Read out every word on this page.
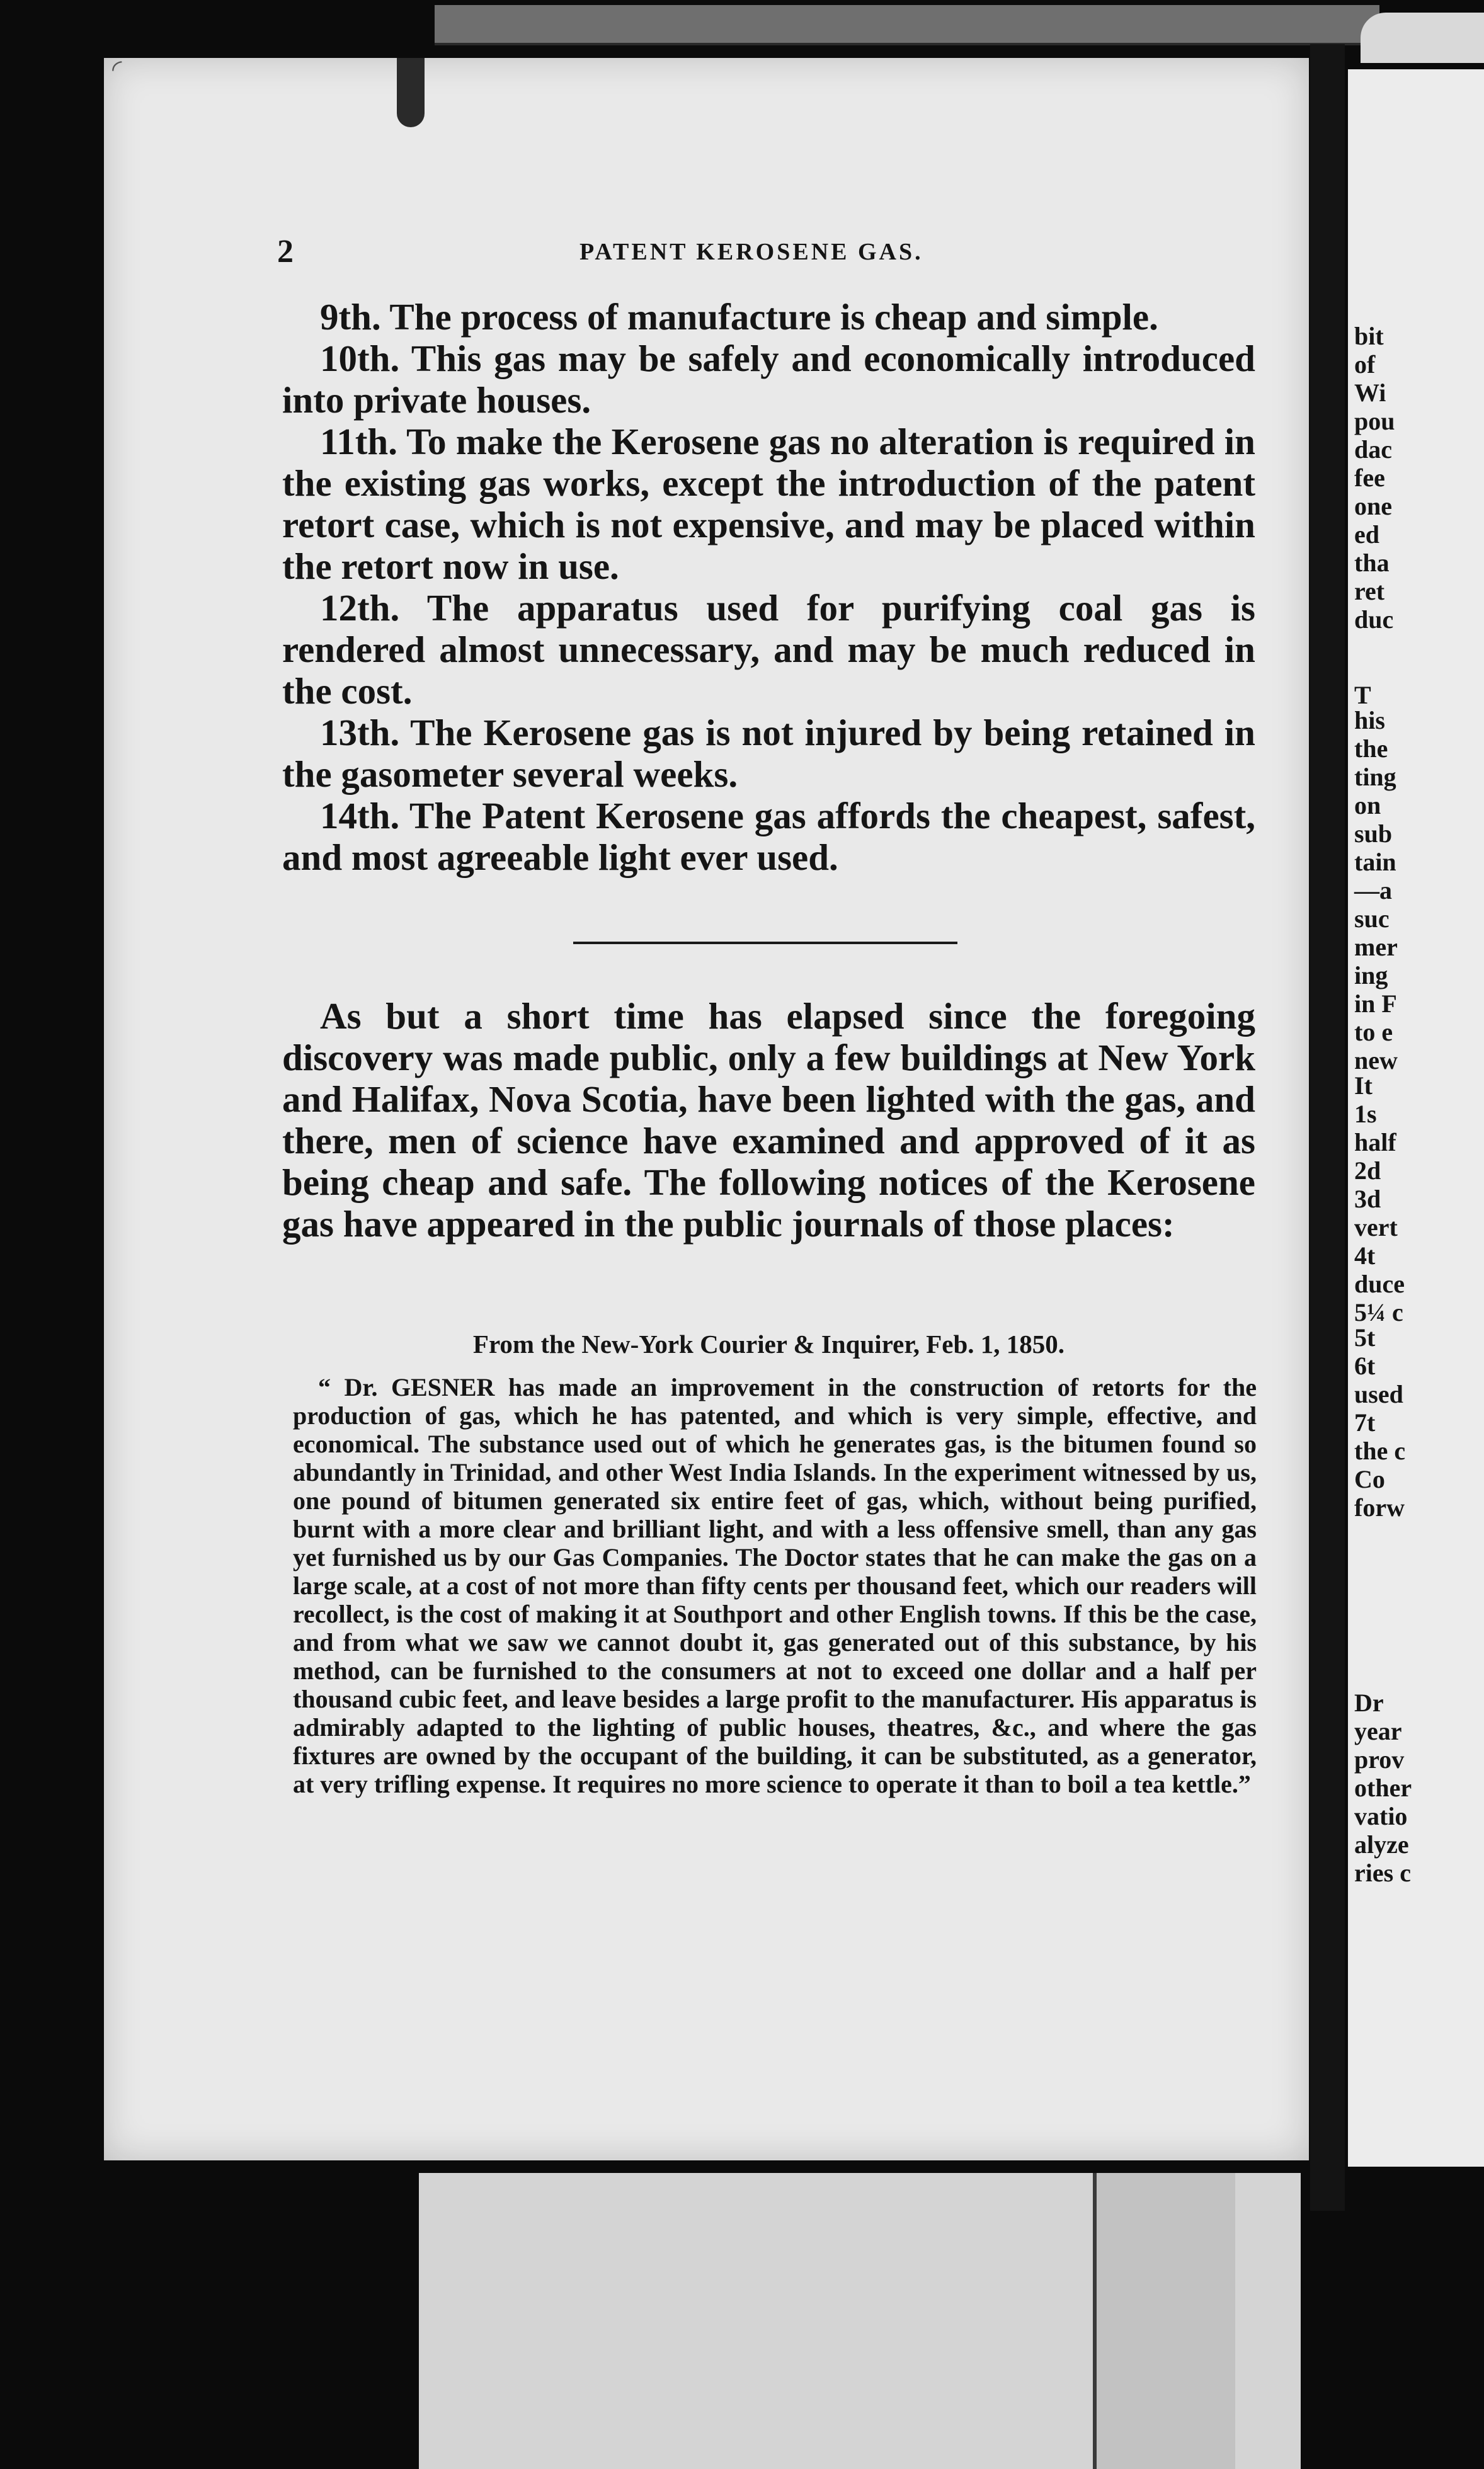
◜
bit
of
Wi
pou
dac
fee
one
ed
tha
ret
duc
T
his
the
ting
on
sub
tain
—a
suc
mer
ing
in F
to e
new
It
1s
half
2d
3d
vert
4t
duce
5¼ c
5t
6t
used
7t
the c
Co
forw
Dr
year
prov
other
vatio
alyze
ries c
2	PATENT KEROSENE GAS.

9th. The process of manufacture is cheap and simple.

10th. This gas may be safely and economically introduced into private houses.

11th. To make the Kerosene gas no alteration is required in the existing gas works, except the introduction of the patent retort case, which is not expensive, and may be placed within the retort now in use.

12th. The apparatus used for purifying coal gas is rendered almost unnecessary, and may be much reduced in the cost.

13th. The Kerosene gas is not injured by being retained in the gasometer several weeks.

14th. The Patent Kerosene gas affords the cheapest, safest, and most agreeable light ever used.

As but a short time has elapsed since the foregoing discovery was made public, only a few buildings at New York and Halifax, Nova Scotia, have been lighted with the gas, and there, men of science have examined and approved of it as being cheap and safe. The following notices of the Kerosene gas have appeared in the public journals of those places:

From the New-York Courier & Inquirer, Feb. 1, 1850.

“ Dr. GESNER has made an improvement in the construction of retorts for the production of gas, which he has patented, and which is very simple, effective, and economical. The substance used out of which he generates gas, is the bitumen found so abundantly in Trinidad, and other West India Islands. In the experiment witnessed by us, one pound of bitumen generated six entire feet of gas, which, without being purified, burnt with a more clear and brilliant light, and with a less offensive smell, than any gas yet furnished us by our Gas Companies. The Doctor states that he can make the gas on a large scale, at a cost of not more than fifty cents per thousand feet, which our readers will recollect, is the cost of making it at Southport and other English towns. If this be the case, and from what we saw we cannot doubt it, gas generated out of this substance, by his method, can be furnished to the consumers at not to exceed one dollar and a half per thousand cubic feet, and leave besides a large profit to the manufacturer. His apparatus is admirably adapted to the lighting of public houses, theatres, &c., and where the gas fixtures are owned by the occupant of the building, it can be substituted, as a generator, at very trifling expense. It requires no more science to operate it than to boil a tea kettle.”
